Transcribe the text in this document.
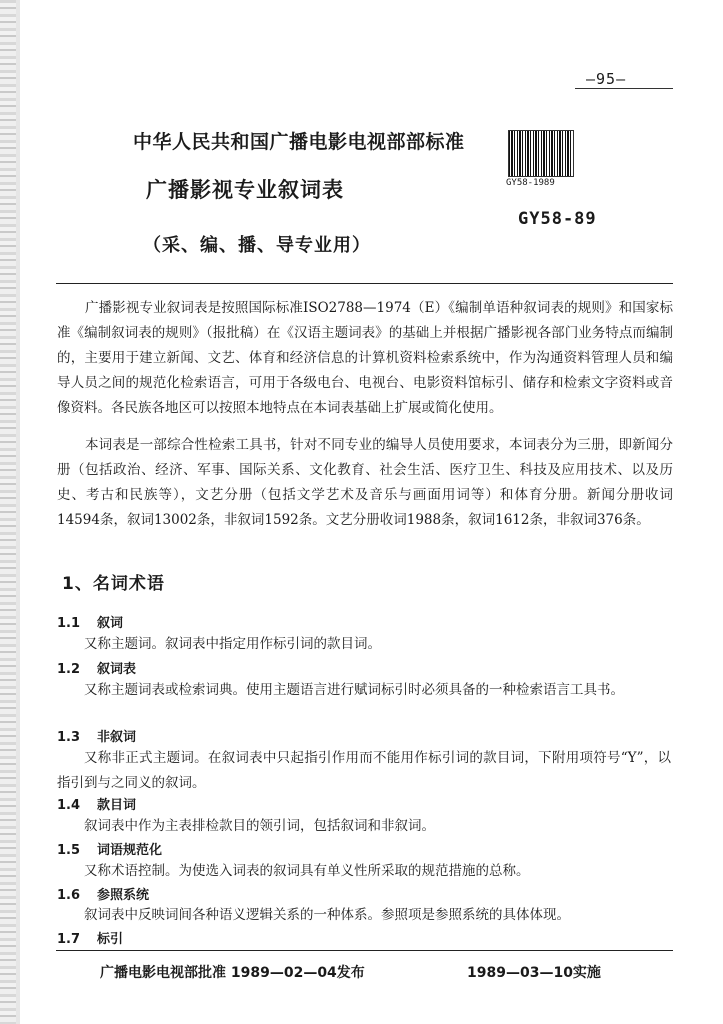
—95—
中华人民共和国广播电影电视部部标准
广播影视专业叙词表
（采、编、播、导专业用）
GY58-1989
GY58-89

广播影视专业叙词表是按照国际标准ISO2788—1974（E）《编制单语种叙词表的规则》和国家标准《编制叙词表的规则》（报批稿）在《汉语主题词表》的基础上并根据广播影视各部门业务特点而编制的，主要用于建立新闻、文艺、体育和经济信息的计算机资料检索系统中，作为沟通资料管理人员和编导人员之间的规范化检索语言，可用于各级电台、电视台、电影资料馆标引、储存和检索文字资料或音像资料。各民族各地区可以按照本地特点在本词表基础上扩展或简化使用。

本词表是一部综合性检索工具书，针对不同专业的编导人员使用要求，本词表分为三册，即新闻分册（包括政治、经济、军事、国际关系、文化教育、社会生活、医疗卫生、科技及应用技术、以及历史、考古和民族等），文艺分册（包括文学艺术及音乐与画面用词等）和体育分册。新闻分册收词14594条，叙词13002条，非叙词1592条。文艺分册收词1988条，叙词1612条，非叙词376条。

1、名词术语
1.1 叙词

又称主题词。叙词表中指定用作标引词的款目词。

1.2 叙词表

又称主题词表或检索词典。使用主题语言进行赋词标引时必须具备的一种检索语言工具书。

1.3 非叙词

又称非正式主题词。在叙词表中只起指引作用而不能用作标引词的款目词，下附用项符号“Y”，以指引到与之同义的叙词。

1.4 款目词

叙词表中作为主表排检款目的领引词，包括叙词和非叙词。

1.5 词语规范化

又称术语控制。为使选入词表的叙词具有单义性所采取的规范措施的总称。

1.6 参照系统

叙词表中反映词间各种语义逻辑关系的一种体系。参照项是参照系统的具体体现。

1.7 标引
广播电影电视部批准 1989—02—04发布	1989—03—10实施
